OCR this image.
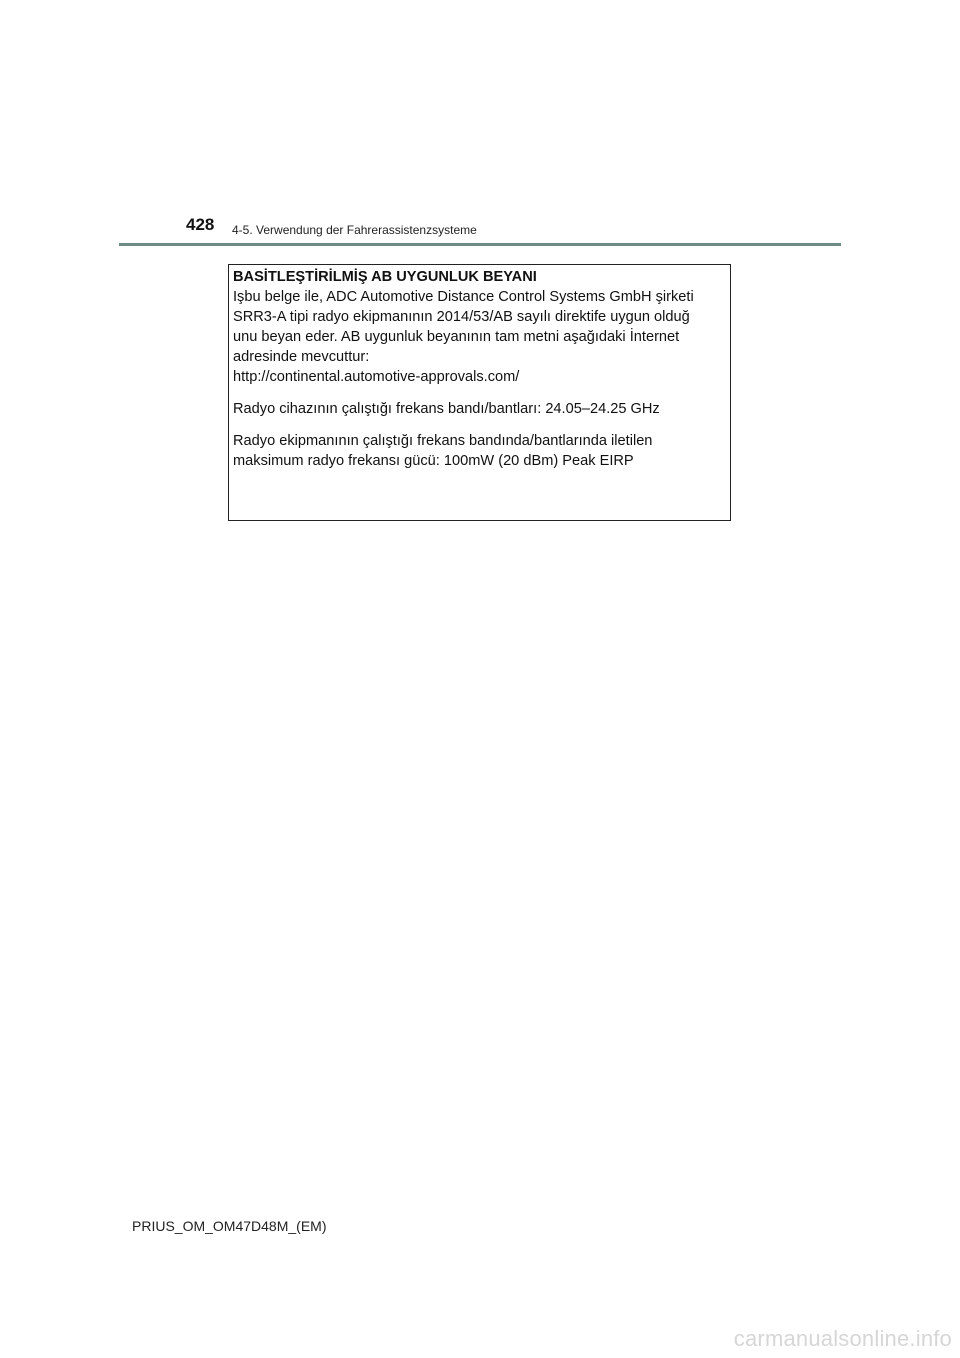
428 4-5. Verwendung der Fahrerassistenzsysteme
BASİTLEŞTİRİLMİŞ AB UYGUNLUK BEYANI
Işbu belge ile, ADC Automotive Distance Control Systems GmbH şirketi
SRR3-A tipi radyo ekipmanının 2014/53/AB sayılı direktife uygun olduğ
unu beyan eder. AB uygunluk beyanının tam metni aşağıdaki İnternet
adresinde mevcuttur:
http://continental.automotive-approvals.com/
Radyo cihazının çalıştığı frekans bandı/bantları: 24.05–24.25 GHz
Radyo ekipmanının çalıştığı frekans bandında/bantlarında iletilen
maksimum radyo frekansı gücü: 100mW (20 dBm) Peak EIRP
PRIUS_OM_OM47D48M_(EM)
carmanualsonline.info
